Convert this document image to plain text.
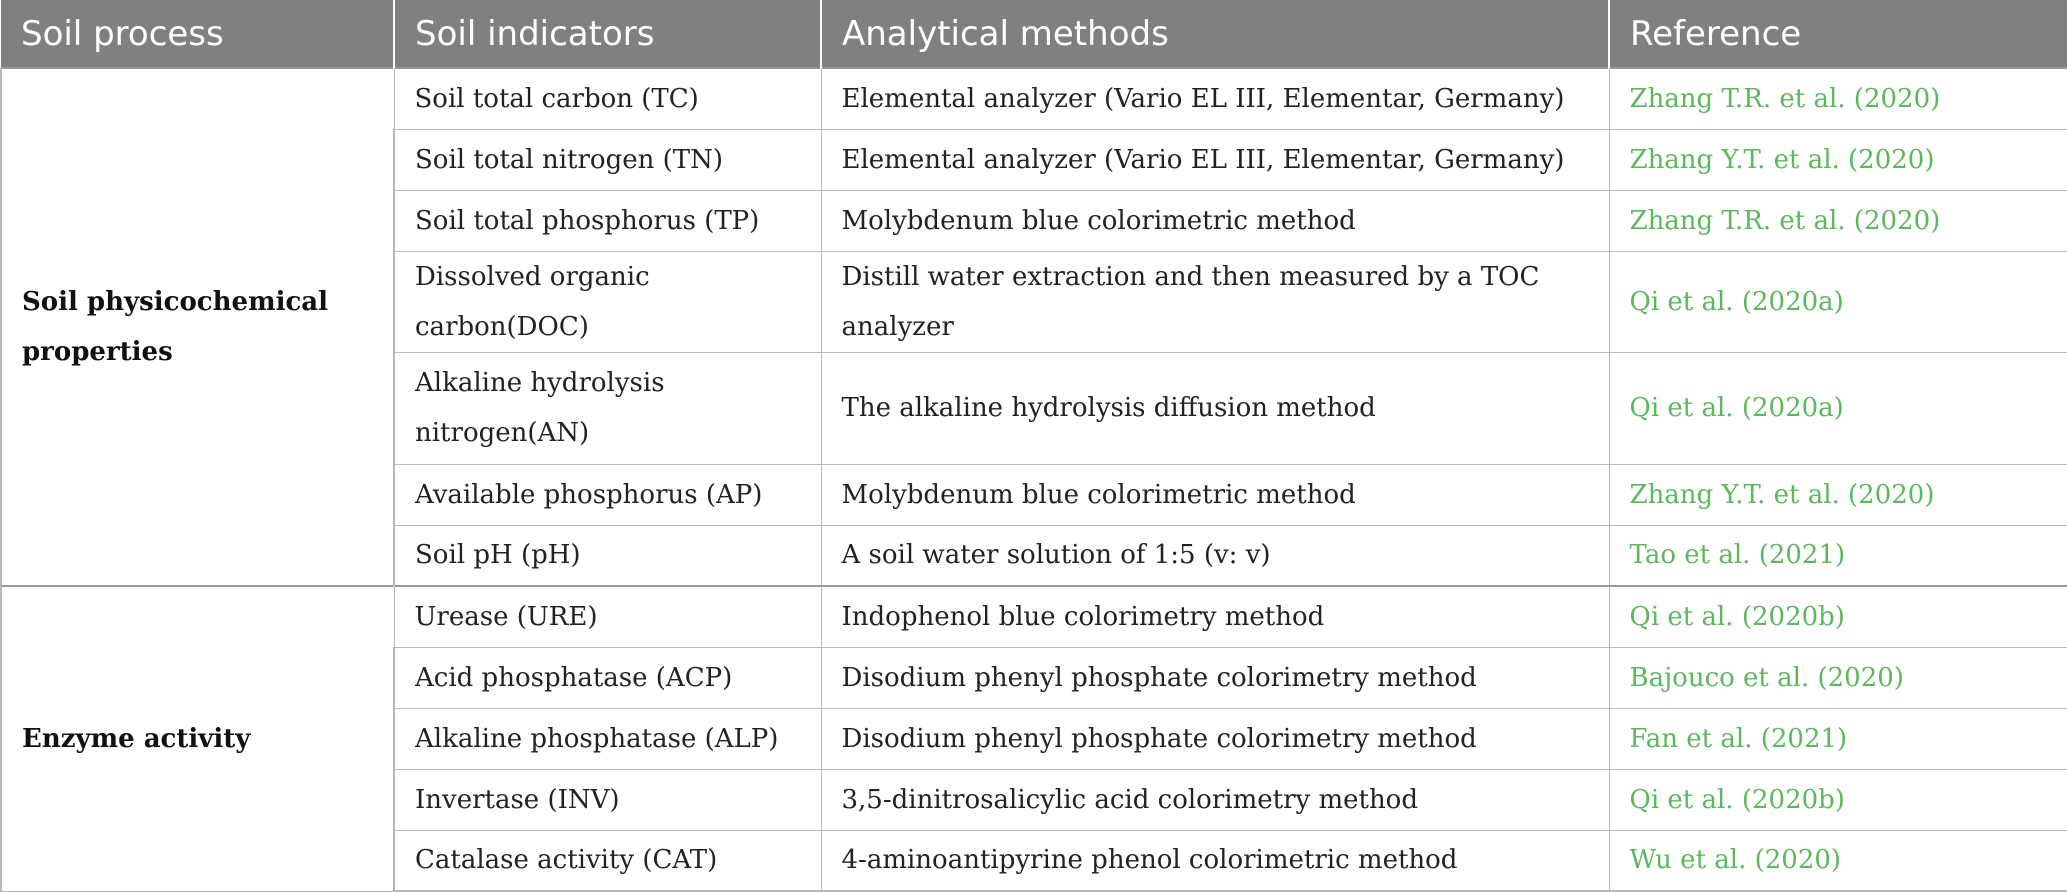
Soil process	Soil indicators	Analytical methods	Reference
Soil physicochemical properties	Soil total carbon (TC)	Elemental analyzer (Vario EL III, Elementar, Germany)	Zhang T.R. et al. (2020)
	Soil total nitrogen (TN)	Elemental analyzer (Vario EL III, Elementar, Germany)	Zhang Y.T. et al. (2020)
	Soil total phosphorus (TP)	Molybdenum blue colorimetric method	Zhang T.R. et al. (2020)
	Dissolved organic carbon(DOC)	Distill water extraction and then measured by a TOC analyzer	Qi et al. (2020a)
	Alkaline hydrolysis nitrogen(AN)	The alkaline hydrolysis diffusion method	Qi et al. (2020a)
	Available phosphorus (AP)	Molybdenum blue colorimetric method	Zhang Y.T. et al. (2020)
	Soil pH (pH)	A soil water solution of 1:5 (v: v)	Tao et al. (2021)
Enzyme activity	Urease (URE)	Indophenol blue colorimetry method	Qi et al. (2020b)
	Acid phosphatase (ACP)	Disodium phenyl phosphate colorimetry method	Bajouco et al. (2020)
	Alkaline phosphatase (ALP)	Disodium phenyl phosphate colorimetry method	Fan et al. (2021)
	Invertase (INV)	3,5-dinitrosalicylic acid colorimetry method	Qi et al. (2020b)
	Catalase activity (CAT)	4-aminoantipyrine phenol colorimetric method	Wu et al. (2020)
